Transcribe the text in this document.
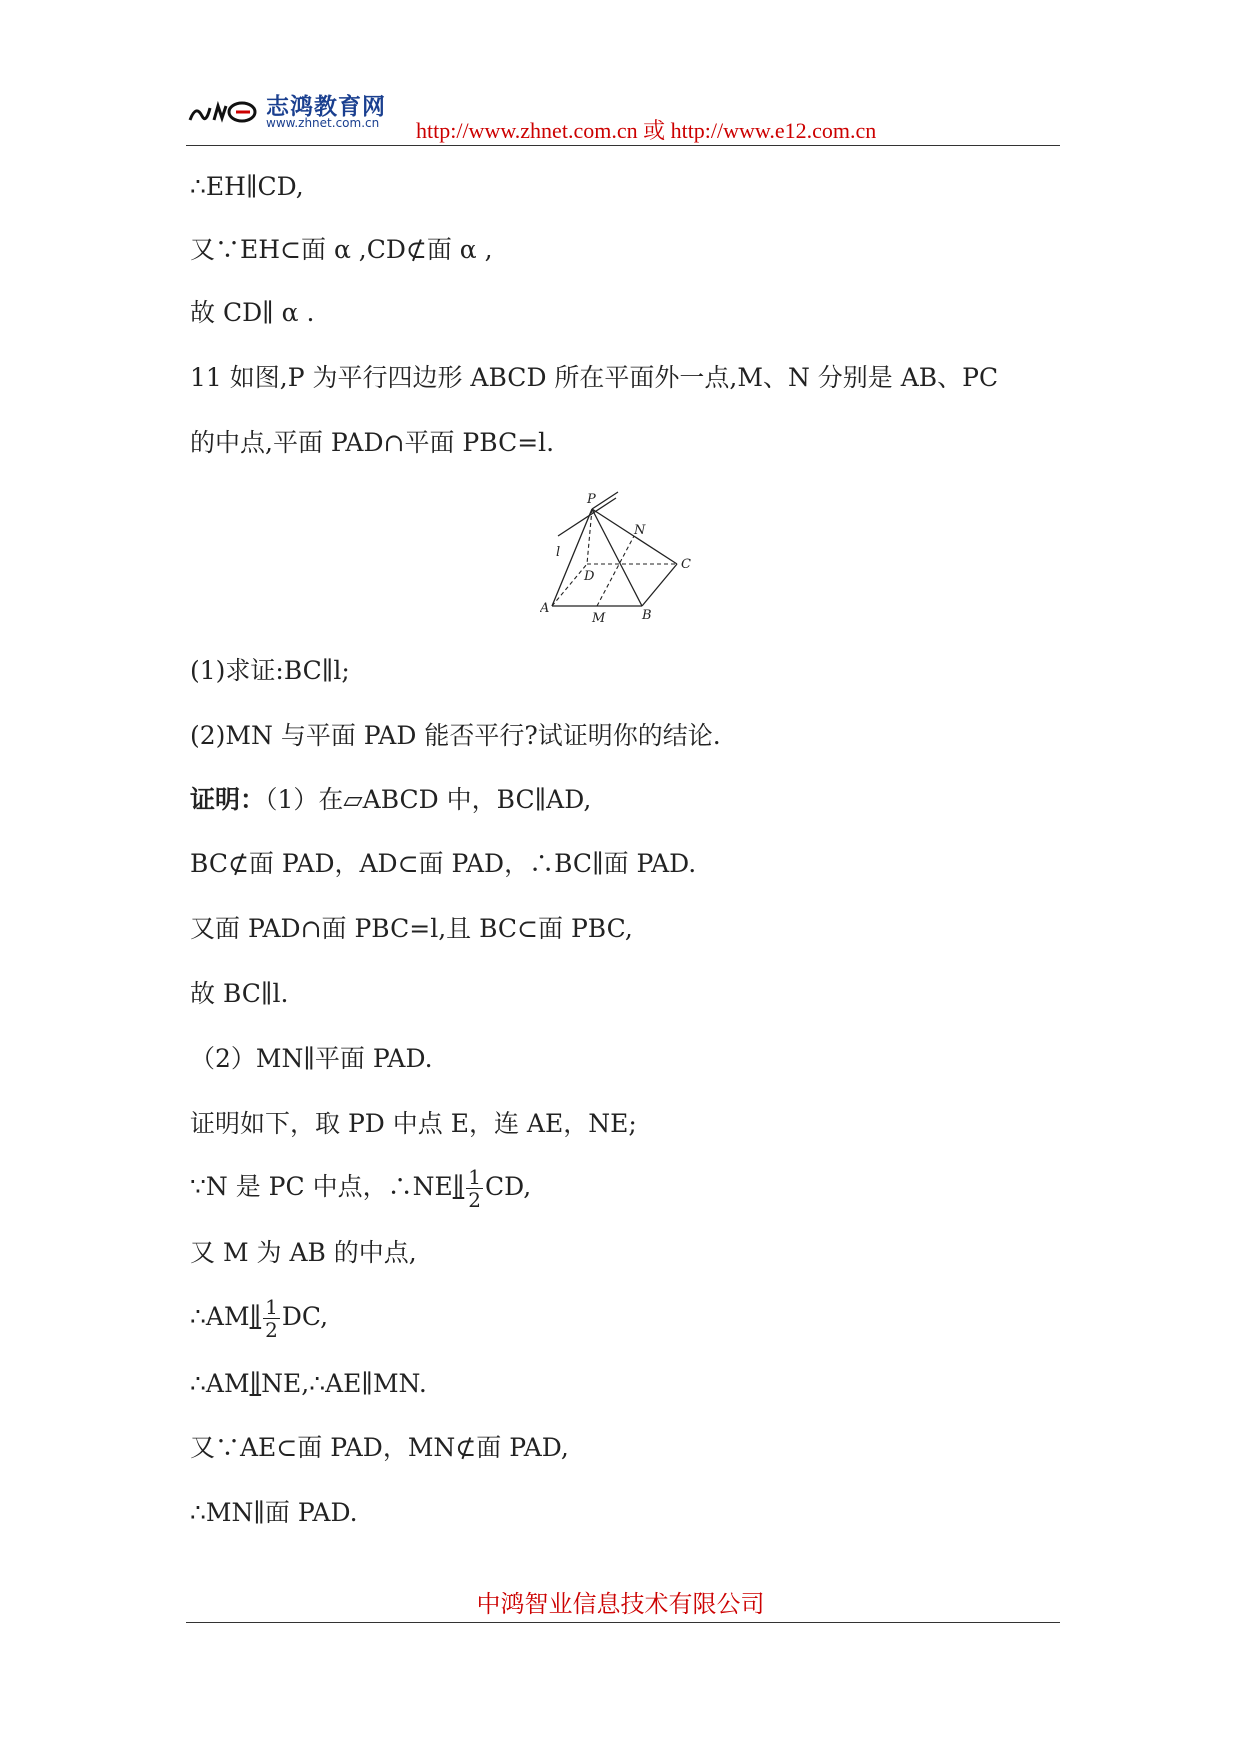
志鸿教育网
www.zhnet.com.cn http://www.zhnet.com.cn 或 http://www.e12.com.cn
∴EH∥CD,
又∵EH⊂面 α ,CD⊄面 α ,
故 CD∥ α .
11 如图,P 为平行四边形 ABCD 所在平面外一点,M、N 分别是 AB、PC
的中点,平面 PAD∩平面 PBC=l.
P
N
l
D
C
A
M	B
(1)求证:BC∥l;
(2)MN 与平面 PAD 能否平行?试证明你的结论.
证明：（1）在▱ABCD 中，BC∥AD,
BC⊄面 PAD，AD⊂面 PAD，∴BC∥面 PAD.
又面 PAD∩面 PBC=l,且 BC⊂面 PBC,
故 BC∥l.
（2）MN∥平面 PAD.
证明如下，取 PD 中点 E，连 AE，NE;
∵N 是 PC 中点，∴NE∥ $\frac{1}{2}$ CD,
又 M 为 AB 的中点,
∴AM∥ $\frac{1}{2}$ DC,
∴AM∥NE,∴AE∥MN.
又∵AE⊂面 PAD，MN⊄面 PAD,
∴MN∥面 PAD.
中鸿智业信息技术有限公司
